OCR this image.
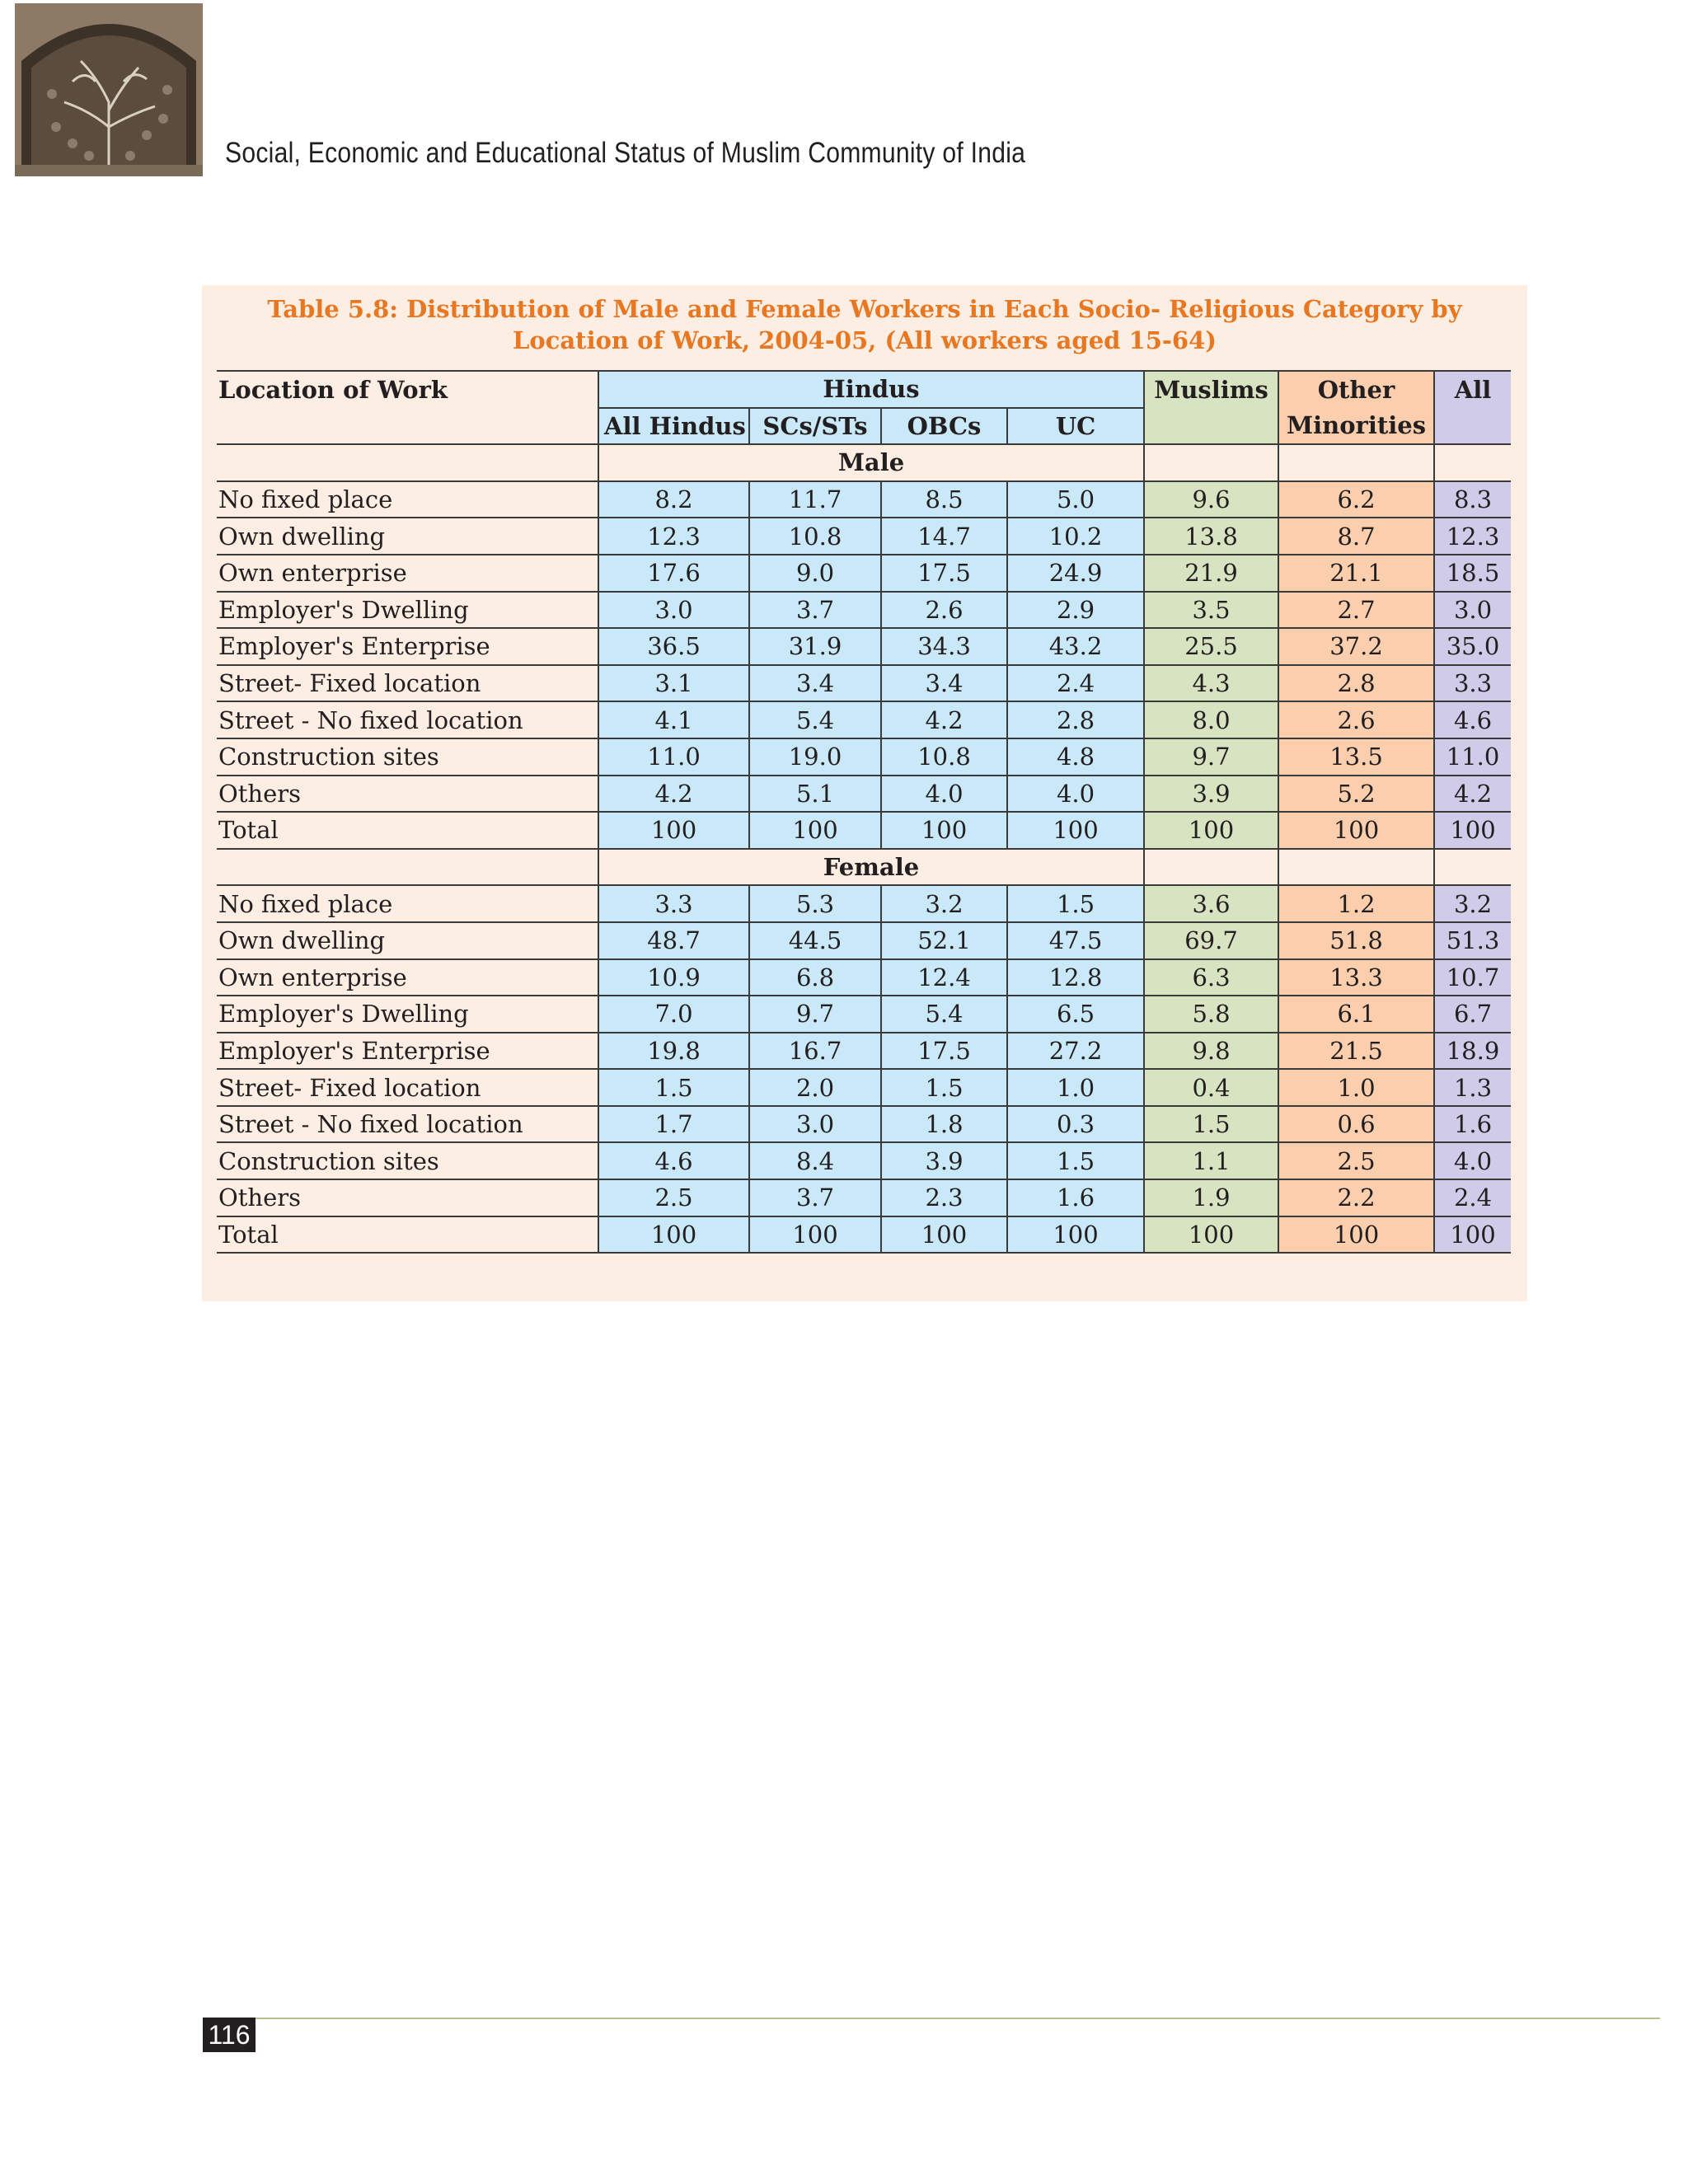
Social, Economic and Educational Status of Muslim Community of India
Table 5.8: Distribution of Male and Female Workers in Each Socio- Religious Category by Location of Work, 2004-05, (All workers aged 15-64)
Location of Work	Hindus				Muslims	Other	All
	All Hindus	SCs/STs	OBCs	UC		Minorities	
	Male						
No fixed place	8.2	11.7	8.5	5.0	9.6	6.2	8.3
Own dwelling	12.3	10.8	14.7	10.2	13.8	8.7	12.3
Own enterprise	17.6	9.0	17.5	24.9	21.9	21.1	18.5
Employer's Dwelling	3.0	3.7	2.6	2.9	3.5	2.7	3.0
Employer's Enterprise	36.5	31.9	34.3	43.2	25.5	37.2	35.0
Street- Fixed location	3.1	3.4	3.4	2.4	4.3	2.8	3.3
Street - No fixed location	4.1	5.4	4.2	2.8	8.0	2.6	4.6
Construction sites	11.0	19.0	10.8	4.8	9.7	13.5	11.0
Others	4.2	5.1	4.0	4.0	3.9	5.2	4.2
Total	100	100	100	100	100	100	100
	Female						
No fixed place	3.3	5.3	3.2	1.5	3.6	1.2	3.2
Own dwelling	48.7	44.5	52.1	47.5	69.7	51.8	51.3
Own enterprise	10.9	6.8	12.4	12.8	6.3	13.3	10.7
Employer's Dwelling	7.0	9.7	5.4	6.5	5.8	6.1	6.7
Employer's Enterprise	19.8	16.7	17.5	27.2	9.8	21.5	18.9
Street- Fixed location	1.5	2.0	1.5	1.0	0.4	1.0	1.3
Street - No fixed location	1.7	3.0	1.8	0.3	1.5	0.6	1.6
Construction sites	4.6	8.4	3.9	1.5	1.1	2.5	4.0
Others	2.5	3.7	2.3	1.6	1.9	2.2	2.4
Total	100	100	100	100	100	100	100
116
